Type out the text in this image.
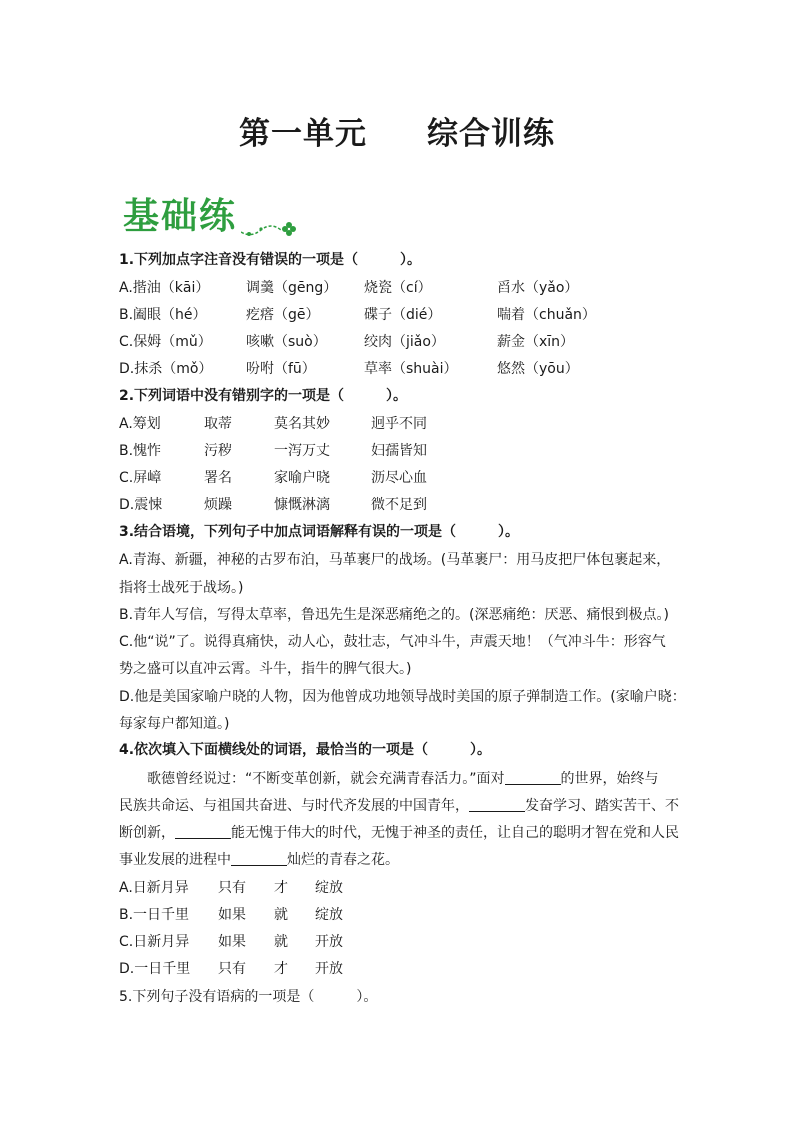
第一单元 综合训练
基础练
1.下列加点字注音没有错误的一项是（　　　）。
A.揩油（kāi）	调羹（gēng） 烧瓷（cí）	舀水（yǎo）
B.阖眼（hé）	疙瘩（gē）	碟子（dié）	喘着（chuǎn）
C.保姆（mǔ） 咳嗽（suò）	绞肉（jiǎo）	薪金（xīn）
D.抹杀（mǒ） 吩咐（fū）	草率（shuài）	悠然（yōu）
2.下列词语中没有错别字的一项是（　　　）。
A.筹划	取蒂	莫名其妙	迥乎不同
B.愧怍	污秽	一泻万丈	妇孺皆知
C.屏嶂	署名	家喻户晓	沥尽心血
D.震悚	烦躁	慷慨淋漓	微不足到
3.结合语境，下列句子中加点词语解释有误的一项是（　　　）。
A.青海、新疆，神秘的古罗布泊，马革裹尸的战场。(马革裹尸：用马皮把尸体包裹起来，
指将士战死于战场。)
B.青年人写信，写得太草率，鲁迅先生是深恶痛绝之的。(深恶痛绝：厌恶、痛恨到极点。)
C.他“说”了。说得真痛快，动人心，鼓壮志，气冲斗牛，声震天地！（气冲斗牛：形容气
势之盛可以直冲云霄。斗牛，指牛的脾气很大。)
D.他是美国家喻户晓的人物，因为他曾成功地领导战时美国的原子弹制造工作。(家喻户晓：
每家每户都知道。)
4.依次填入下面横线处的词语，最恰当的一项是（　　　）。
歌德曾经说过：“不断变革创新，就会充满青春活力。”面对	的世界，始终与
民族共命运、与祖国共奋进、与时代齐发展的中国青年，	发奋学习、踏实苦干、不
断创新，	能无愧于伟大的时代，无愧于神圣的责任，让自己的聪明才智在党和人民
事业发展的进程中	灿烂的青春之花。
A.日新月异 只有 才 绽放
B.一日千里 如果 就 绽放
C.日新月异 如果 就 开放
D.一日千里 只有 才 开放
5.下列句子没有语病的一项是（　　　）。
